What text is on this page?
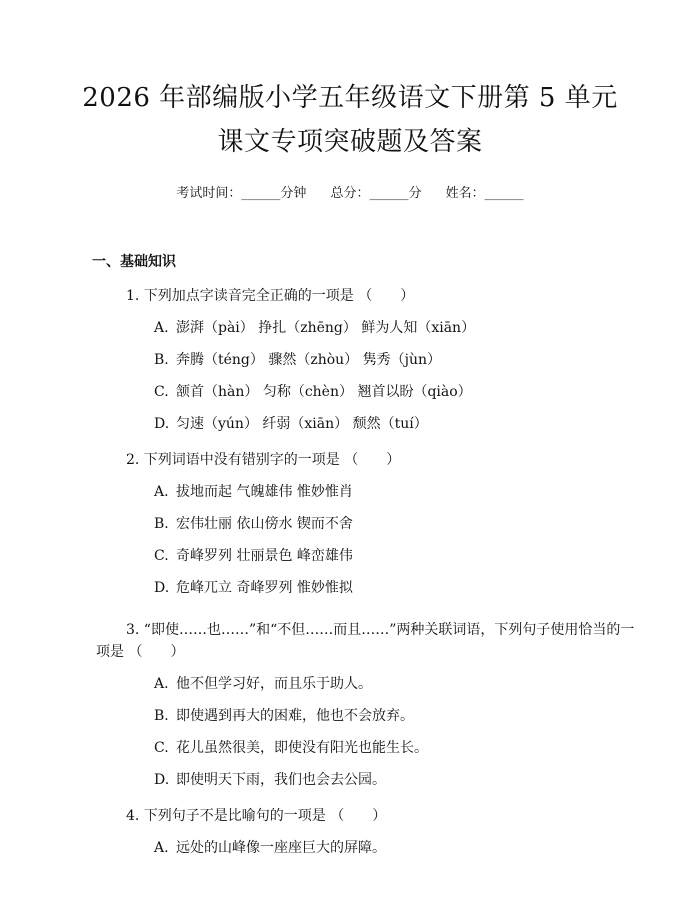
2026 年部编版小学五年级语文下册第 5 单元
课文专项突破题及答案
考试时间：______分钟 总分：______分 姓名：______
一、基础知识
1. 下列加点字读音完全正确的一项是 （　　）
A. 澎湃（pài） 挣扎（zhēng） 鲜为人知（xiān）
B. 奔腾（téng） 骤然（zhòu） 隽秀（jùn）
C. 颔首（hàn） 匀称（chèn） 翘首以盼（qiào）
D. 匀速（yún） 纤弱（xiān） 颓然（tuí）
2. 下列词语中没有错别字的一项是 （　　）
A. 拔地而起 气魄雄伟 惟妙惟肖
B. 宏伟壮丽 依山傍水 锲而不舍
C. 奇峰罗列 壮丽景色 峰峦雄伟
D. 危峰兀立 奇峰罗列 惟妙惟拟
3. “即使……也……”和“不但……而且……”两种关联词语，下列句子使用恰当的一项是 （　　）
A. 他不但学习好，而且乐于助人。
B. 即使遇到再大的困难，他也不会放弃。
C. 花儿虽然很美，即使没有阳光也能生长。
D. 即使明天下雨，我们也会去公园。
4. 下列句子不是比喻句的一项是 （　　）
A. 远处的山峰像一座座巨大的屏障。
